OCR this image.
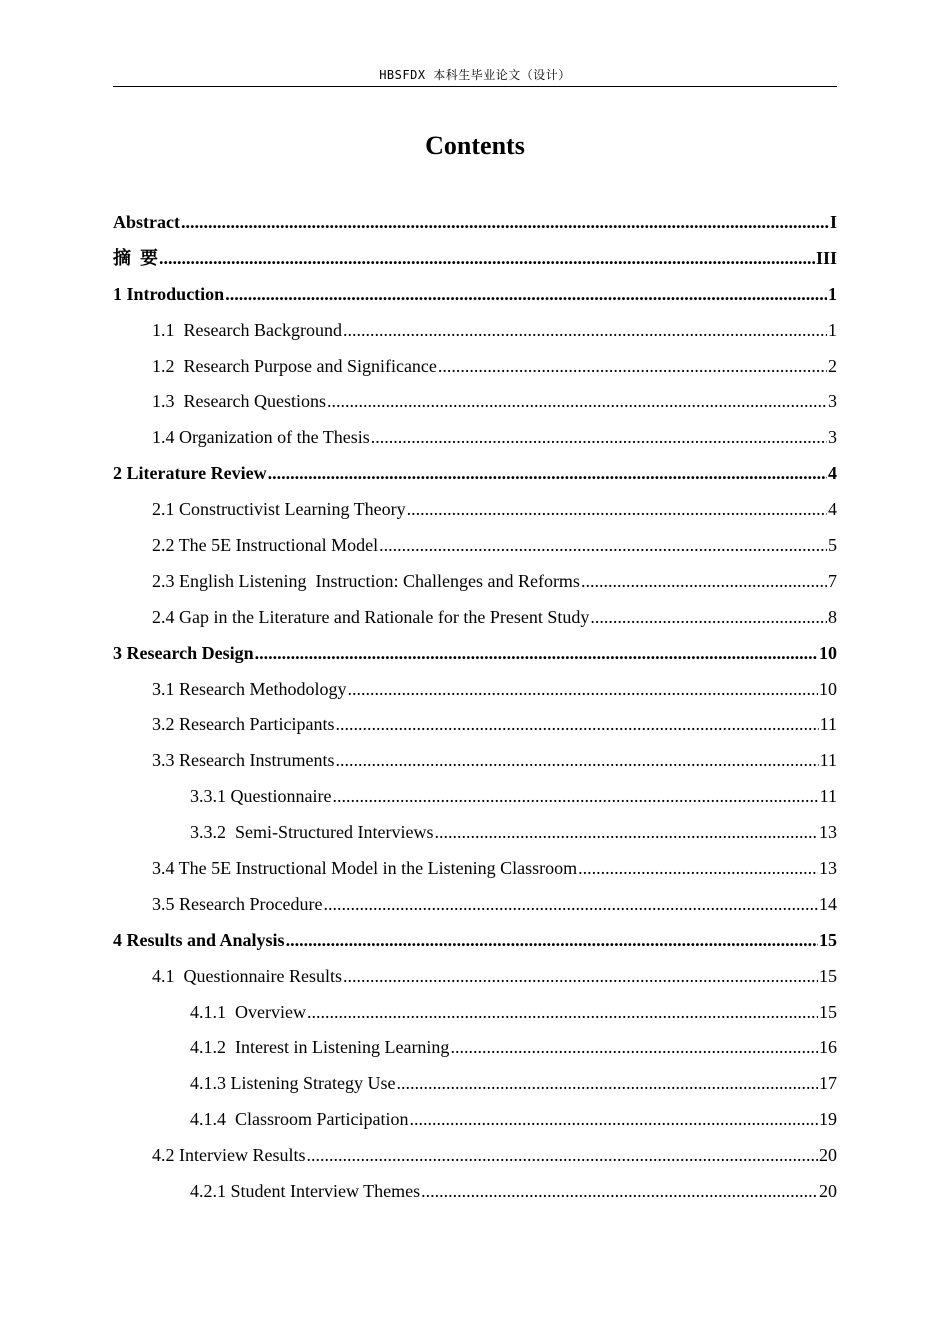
HBSFDX 本科生毕业论文（设计）
Contents
Abstract .....	I
摘  要 .....	III
1 Introduction .....	1
1.1  Research Background .....	1
1.2  Research Purpose and Significance .....	2
1.3  Research Questions .....	3
1.4 Organization of the Thesis .....	3
2 Literature Review .....	4
2.1 Constructivist Learning Theory .....	4
2.2 The 5E Instructional Model .....	5
2.3 English Listening  Instruction: Challenges and Reforms .....	7
2.4 Gap in the Literature and Rationale for the Present Study .....	8
3 Research Design .....	10
3.1 Research Methodology .....	10
3.2 Research Participants .....	11
3.3 Research Instruments .....	11
3.3.1 Questionnaire .....	11
3.3.2  Semi-Structured Interviews .....	13
3.4 The 5E Instructional Model in the Listening Classroom .....	13
3.5 Research Procedure .....	14
4 Results and Analysis .....	15
4.1  Questionnaire Results .....	15
4.1.1  Overview .....	15
4.1.2  Interest in Listening Learning .....	16
4.1.3 Listening Strategy Use .....	17
4.1.4  Classroom Participation .....	19
4.2 Interview Results .....	20
4.2.1 Student Interview Themes .....	20
